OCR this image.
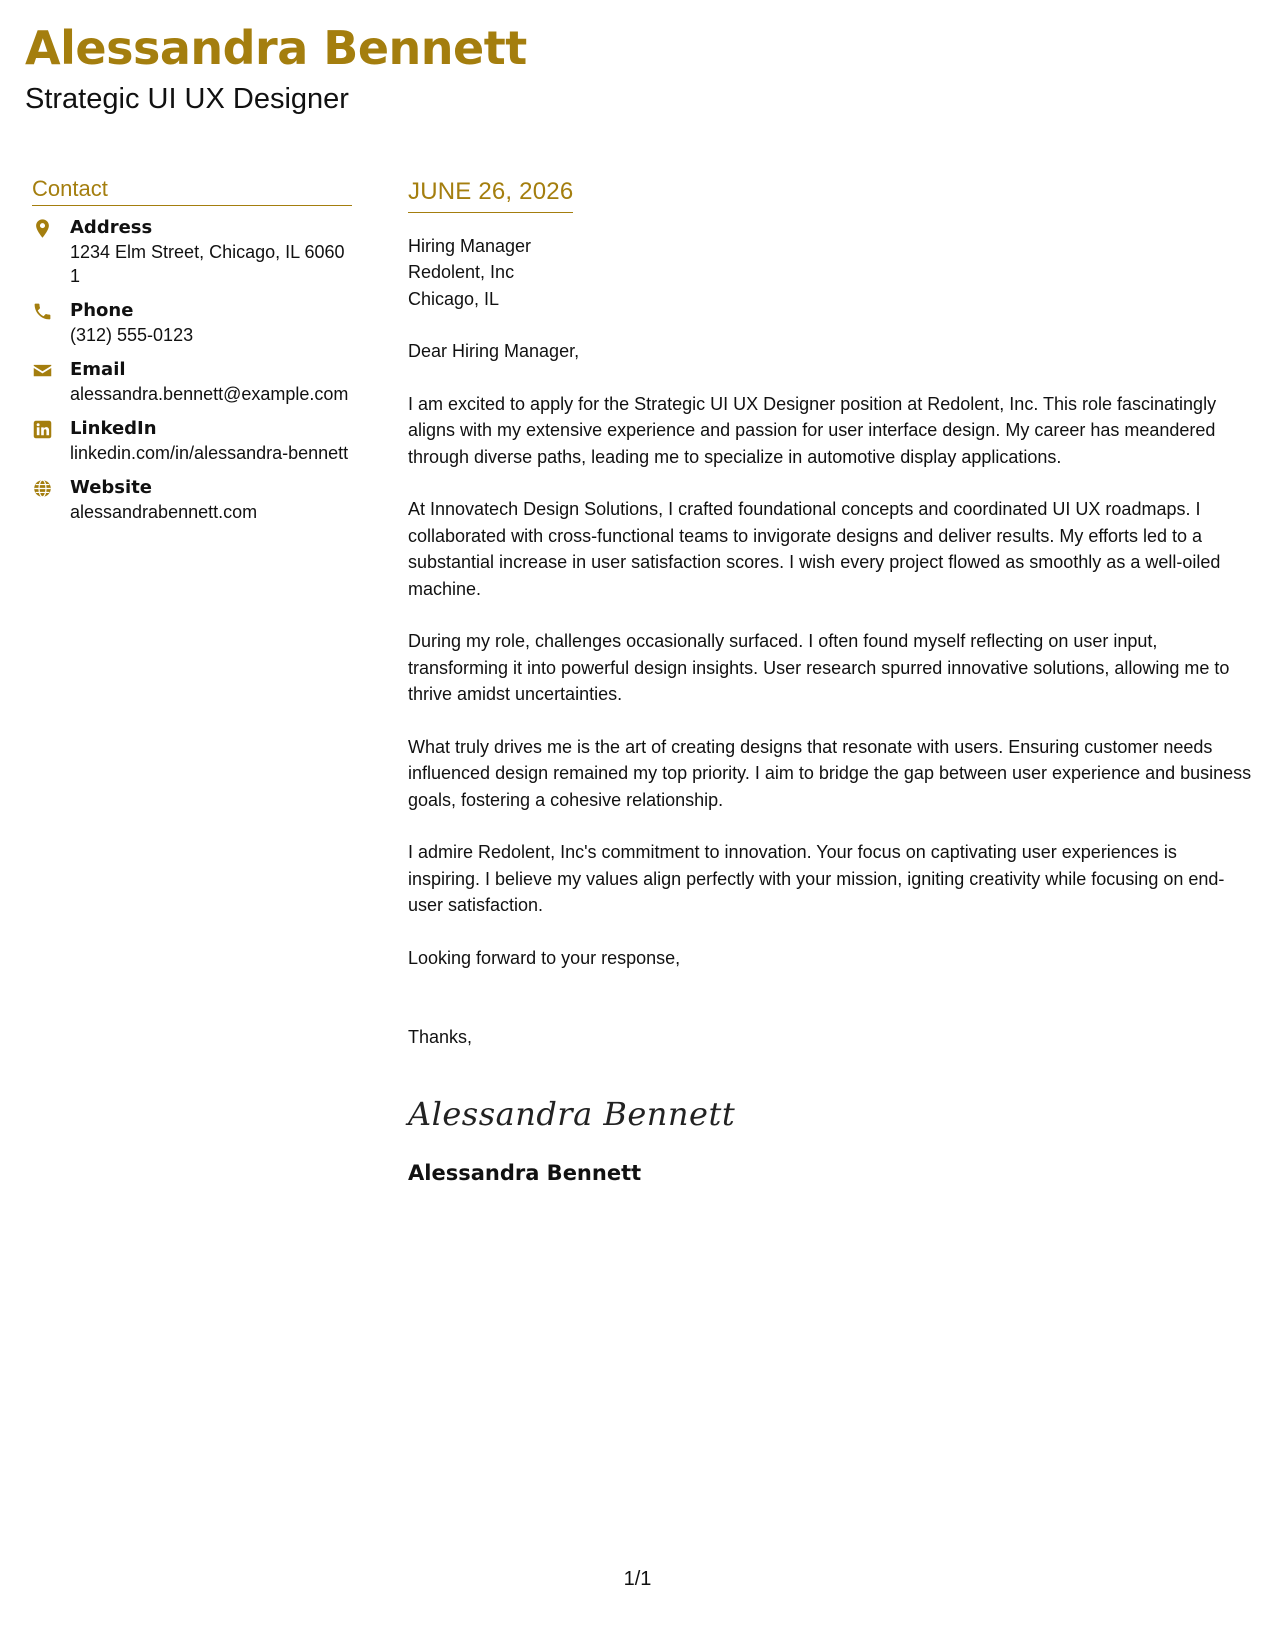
Alessandra Bennett
Strategic UI UX Designer
Contact
Address
1234 Elm Street, Chicago, IL 60601
Phone
(312) 555-0123
Email
alessandra.bennett@example.com
LinkedIn
linkedin.com/in/alessandra-bennett
Website
alessandrabennett.com
JUNE 26, 2026
Hiring Manager
Redolent, Inc
Chicago, IL

Dear Hiring Manager,

I am excited to apply for the Strategic UI UX Designer position at Redolent, Inc. This role fascinatingly aligns with my extensive experience and passion for user interface design. My career has meandered through diverse paths, leading me to specialize in automotive display applications.

At Innovatech Design Solutions, I crafted foundational concepts and coordinated UI UX roadmaps. I collaborated with cross-functional teams to invigorate designs and deliver results. My efforts led to a substantial increase in user satisfaction scores. I wish every project flowed as smoothly as a well-oiled machine.

During my role, challenges occasionally surfaced. I often found myself reflecting on user input, transforming it into powerful design insights. User research spurred innovative solutions, allowing me to thrive amidst uncertainties.

What truly drives me is the art of creating designs that resonate with users. Ensuring customer needs influenced design remained my top priority. I aim to bridge the gap between user experience and business goals, fostering a cohesive relationship.

I admire Redolent, Inc's commitment to innovation. Your focus on captivating user experiences is inspiring. I believe my values align perfectly with your mission, igniting creativity while focusing on end-user satisfaction.

Looking forward to your response,
Thanks,
Alessandra Bennett
Alessandra Bennett
1/1
